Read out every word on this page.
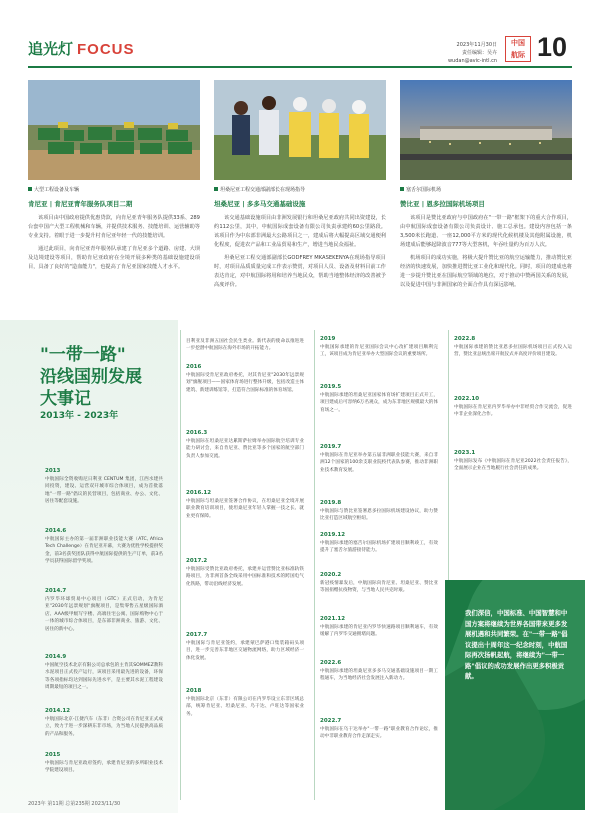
追光灯 FOCUS	2023年11月30日
责任编辑：吴卉
wudan@avic-intl.cn
中国
航际 10
大型工程设备及车辆	坦桑尼亚工程交通部副部长在现场指导	塞舌尔国际机场
肯尼亚 | 肯尼亚青年服务队项目二期

该项目由中国政府提供优惠贷款，向肯尼亚青年服务队提供33系、289台套中国产大型工程机械和车辆，并提供技术服务、技能培训、运营辅助等专业支持。着眼于进一步提升村肯尼亚年轻一代的技能培训。

通过此项目，向肯尼亚青年服务队承建了肯尼亚多个道路、房建、大坝及边境建设等项目，帮助肯尼亚政府在全境开展多种类的基础设施建设项目，具备了良好的"造血能力"，也提高了肯尼亚国家技能人才水平。

坦桑尼亚 | 多多马交通基础设施

该交通基础设施项目由非洲发展银行和坦桑尼亚政府共同出资建设，长约112公里，其中，中航国际成套设备有限公司负责承建约60公里路段。该项目作为中东部非洲最大公路项目之一，建成后将大幅提高区域交通便利化程度，促进农产品和工业品贸易和生产，增进当地民众福祉。

坦桑尼亚工程交通部副部长GODFREY MKASEKENYA在现场指导项目时，对项目品质质量完成工作表示赞赏，对项目人员、设备及材料目前工作表达肯定，对中航国际将用和培养当地民众，帮助当地整体经济的改善被予高度评价。

赞比亚 | 恩多拉国际机场项目

该项目是赞比亚政府与中国政府在"一带一路"框架下的重大合作项目，由中航国际成套设备有限公司负责设计、施工总承包。建设内容包括一条3,500米长跑道、一座12,000平方米的现代化候机楼及其他附属设施，机场建成后能够起降波音777等大型客机，年吞吐量约为百万人次。

机场项目的成功实施，将极大提升赞比亚的航空运输能力，推动赞比亚经济的快速发展，加快推进赞比亚工业化和现代化。同时，项目的建成也将进一步提升赞比亚在国际航空领域的地位，对于推动中赞两国关系的发展，以及促进中国与非洲国家的全面合作具有深远影响。

"一带一路"
沿线国别发展
大事记
2013年 - 2023年
2013
中航国际全资收购尼日利亚 CENTUM 集团，江西水建共同投资，建设、运营双开城市综合体项目，成为首批落地"一带一路"倡议的民营项目，包括商业、办公、文化、居住等配套设施。
2014.6
中航国际主办的第一届非洲职业技能大赛（ATC, Africa Tech Challenge）在肯尼亚开幕，大赛为优胜学校提供奖金，前3名获奖团队获得中航国际提供的生产订单，前3名学员获得国际留学奖项。
2014.7
内罗毕环球贸易中心项目（GTC）正式启动，为肯尼亚"2030年远景规划"旗舰项目，是集零售五星级国际酒店、AAA级甲级写字楼、高端住宅公寓、国际购物中心于一体的城市综合体项目，是东部非洲商业、旅游、文化、居住的新中心。
2014.9
中国航空技术北京有限公司总承包的主肯其SOMMEZ教科水泥项目正式投产运行，该项目采用最先进的设备，环保等各项指标均达到国际先进水平，是主要其水泥工程建设周期最短的项目之一。
2014.12
中航国际北京-江捷汽车（东非）合资公司在肯尼亚正式成立，致力于进一步深耕东非市场，为当地人民提供高品质的产品和服务。
2015
中航国际与肯尼亚政府签约，承建肯尼亚的多所职业技术学院建设项目。
目利亚及非洲五国社会民生类业。新代表的使命以推进进一步挖潜中航国际在海外市场的开拓能力。
2016
中航国际受肯尼亚政府委托，对其肯尼亚"2030年远景规划"旗舰项目——国家体育场进行整体升级，包括改造主体建筑、新建训练馆等，打造符合国际标准的体育场馆。
2016.3
中航国际在坦桑尼亚达累斯萨拉姆举办国际航空培训专业能力研讨会，来自肯尼亚、赞比亚等多个国家的航空部门负责人参加交流。
2016.12
中航国际与坦桑尼亚签署合作协议，在坦桑尼亚全境开展职业教育培训项目，使坦桑尼亚年轻人掌握一技之长、就业更有保障。
2017.2
中航国际受赞比亚政府委托，承建并运营赞比亚标准轨铁路项目，为非洲首条全线采用中国标准和技术的跨国电气化铁路，带动沿线经济发展。
2017.7
中航国际与肯尼亚签约，承建蒙巴萨港口集装箱码头项目，进一步完善东非地区交通物流网络，助力区域经济一体化发展。
2018
中航国际北京（东非）有限公司在内罗毕设立东非区域总部，统筹肯尼亚、坦桑尼亚、乌干达、卢旺达等国家业务。
2019
中航国际承建的肯尼亚国际会议中心改扩建项目顺利完工，该项目成为肯尼亚举办大型国际会议的重要场所。
2019.5
中航国际承建的坦桑尼亚国家体育场扩建项目正式开工，项目建成后可容纳6万名观众，成为东非地区规模最大的体育场之一。
2019.7
中航国际在肯尼亚举办第五届非洲职业技能大赛，来自非洲12个国家的100余支职业院校代表队参赛，推动非洲职业技术教育发展。
2019.8
中航国际与赞比亚签署恩多拉国际机场建设协议，助力赞比亚打造区域航空枢纽。
2019.12
中航国际承建的塞舌尔国际机场扩建项目顺利竣工，有效提升了塞舌尔旅游接待能力。
2020.2
新冠疫情暴发后，中航国际向肯尼亚、坦桑尼亚、赞比亚等国捐赠抗疫物资，与当地人民共克时艰。
2021.12
中航国际承建的肯尼亚内罗毕快速路项目顺利通车，有效缓解了内罗毕交通拥堵问题。
2022.6
中航国际承建的坦桑尼亚多多马交通基础设施项目一期工程通车，为当地经济社会发展注入新动力。
2022.7
中航国际在乌干达举办"一带一路"职业教育合作论坛，推动中非职业教育合作走深走实。
2022.8
中航国际承建的赞比亚恩多拉国际机场项目正式投入运营，赞比亚总统出席开航仪式并高度评价项目建设。
2022.10
中航国际在肯尼亚内罗毕举办中非经贸合作交流会，促进中非企业深化合作。
2023.1
中航国际发布《中航国际在肯尼亚2022社会责任报告》，全面展示企业在当地履行社会责任的成果。
我们深信，中国标准、中国智慧和中国方案将继续为世界各国带来更多发展机遇和共同繁荣。在"一带一路"倡议提出十周年这一纪念时刻，中航国际再次扬帆起航，将继续为"一带一路"倡议的成功发展作出更多积极贡献。
2023年 第11期 总第235期 2023/11/30
